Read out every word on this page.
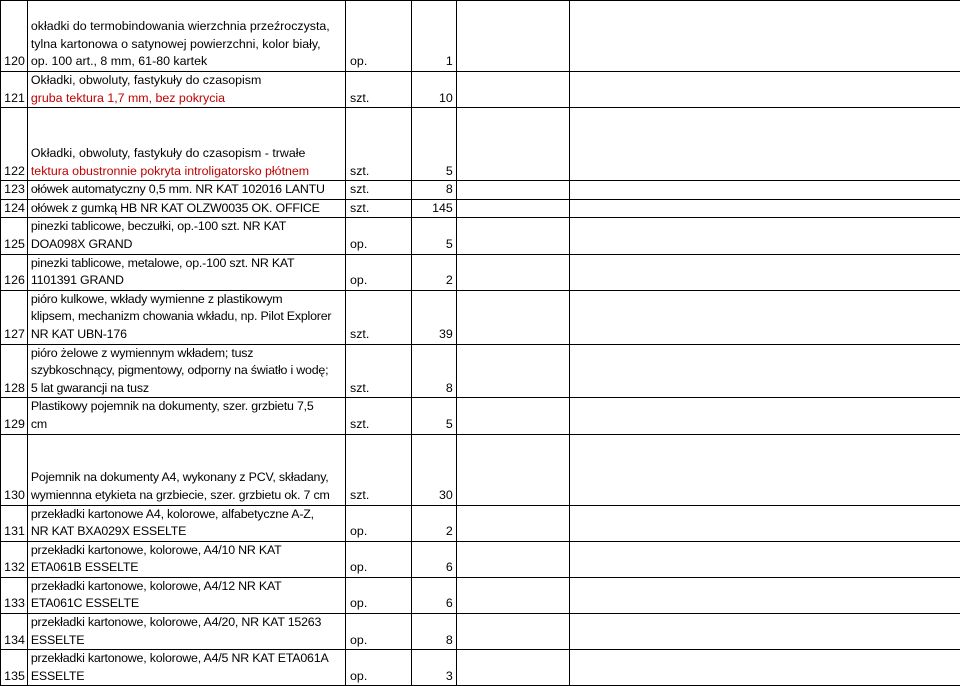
120	okładki do termobindowania wierzchnia przeźroczysta,
tylna kartonowa o satynowej powierzchni, kolor biały,
op. 100 art., 8 mm, 61-80 kartek	op.	1		
121	Okładki, obwoluty, fastykuły do czasopism
gruba tektura 1,7 mm, bez pokrycia	szt.	10		
122	Okładki, obwoluty, fastykuły do czasopism - trwałe
tektura obustronnie pokryta introligatorsko płótnem	szt.	5		
123	ołówek automatyczny 0,5 mm. NR KAT 102016 LANTU	szt.	8		
124	ołówek z gumką HB NR KAT OLZW0035 OK. OFFICE	szt.	145		
125	pinezki tablicowe, beczułki, op.-100 szt. NR KAT
DOA098X GRAND	op.	5		
126	pinezki tablicowe, metalowe, op.-100 szt. NR KAT
1101391 GRAND	op.	2		
127	pióro kulkowe, wkłady wymienne z plastikowym
klipsem, mechanizm chowania wkładu, np. Pilot Explorer
NR KAT UBN-176	szt.	39		
128	pióro żelowe z wymiennym wkładem; tusz
szybkoschnący, pigmentowy, odporny na światło i wodę;
5 lat gwarancji na tusz	szt.	8		
129	Plastikowy pojemnik na dokumenty, szer. grzbietu 7,5
cm	szt.	5		
130	Pojemnik na dokumenty A4, wykonany z PCV, składany,
wymiennna etykieta na grzbiecie, szer. grzbietu ok. 7 cm	szt.	30		
131	przekładki kartonowe A4, kolorowe, alfabetyczne A-Z,
NR KAT BXA029X ESSELTE	op.	2		
132	przekładki kartonowe, kolorowe, A4/10 NR KAT
ETA061B ESSELTE	op.	6		
133	przekładki kartonowe, kolorowe, A4/12 NR KAT
ETA061C ESSELTE	op.	6		
134	przekładki kartonowe, kolorowe, A4/20, NR KAT 15263
ESSELTE	op.	8		
135	przekładki kartonowe, kolorowe, A4/5 NR KAT ETA061A
ESSELTE	op.	3		
